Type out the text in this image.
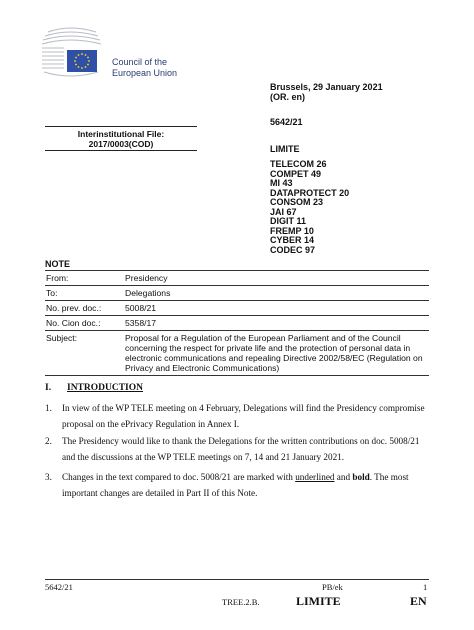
Council of the
European Union
Brussels, 29 January 2021
(OR. en)
5642/21
Interinstitutional File:
2017/0003(COD)	LIMITE
TELECOM 26
COMPET 49
MI 43
DATAPROTECT 20
CONSOM 23
JAI 67
DIGIT 11
FREMP 10
CYBER 14
CODEC 97
NOTE
From:	Presidency
To:	Delegations
No. prev. doc.:	5008/21
No. Cion doc.:	5358/17
Subject:	Proposal for a Regulation of the European Parliament and of the Council concerning the respect for private life and the protection of personal data in electronic communications and repealing Directive 2002/58/EC (Regulation on Privacy and Electronic Communications)
I. INTRODUCTION
1. In view of the WP TELE meeting on 4 February, Delegations will find the Presidency compromise proposal on the ePrivacy Regulation in Annex I.
2. The Presidency would like to thank the Delegations for the written contributions on doc. 5008/21 and the discussions at the WP TELE meetings on 7, 14 and 21 January 2021.
3. Changes in the text compared to doc. 5008/21 are marked with underlined and bold. The most important changes are detailed in Part II of this Note.
5642/21	PB/ek	1
TREE.2.B.	LIMITE	EN
